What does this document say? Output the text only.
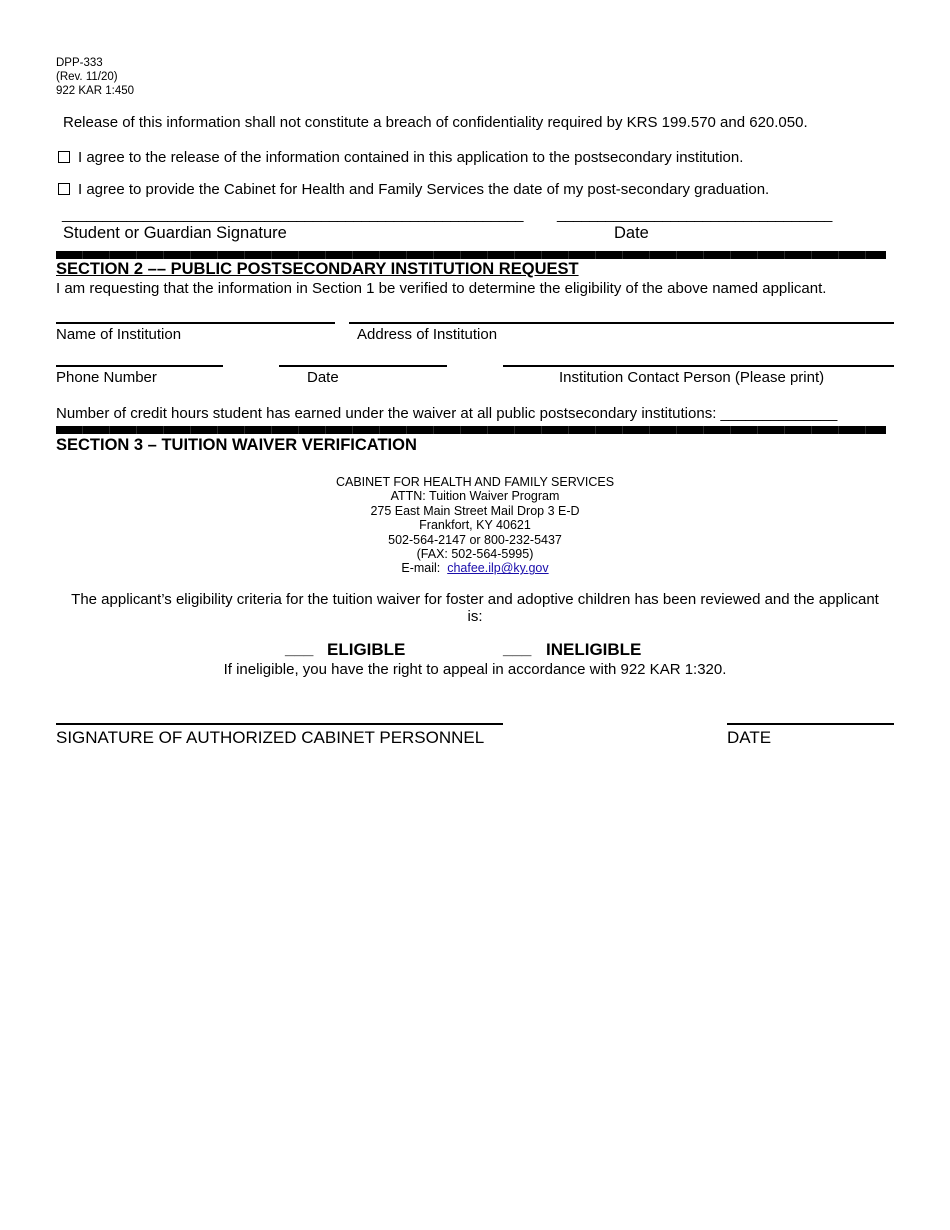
DPP-333
(Rev. 11/20)
922 KAR 1:450
Release of this information shall not constitute a breach of confidentiality required by KRS 199.570 and 620.050.
I agree to the release of the information contained in this application to the postsecondary institution.
I agree to provide the Cabinet for Health and Family Services the date of my post-secondary graduation.
_________________________________________________________ __________________________________
Student or Guardian Signature	Date
SECTION 2 –– PUBLIC POSTSECONDARY INSTITUTION REQUEST
I am requesting that the information in Section 1 be verified to determine the eligibility of the above named applicant.
Name of Institution	Address of Institution
Phone Number	Date	Institution Contact Person (Please print)
Number of credit hours student has earned under the waiver at all public postsecondary institutions: ______________
SECTION 3 – TUITION WAIVER VERIFICATION
CABINET FOR HEALTH AND FAMILY SERVICES
ATTN: Tuition Waiver Program
275 East Main Street Mail Drop 3 E-D
Frankfort, KY 40621
502-564-2147 or 800-232-5437
(FAX: 502-564-5995)
E-mail: chafee.ilp@ky.gov
The applicant’s eligibility criteria for the tuition waiver for foster and adoptive children has been reviewed and the applicant
is:
___ ELIGIBLE	___ INELIGIBLE
If ineligible, you have the right to appeal in accordance with 922 KAR 1:320.
SIGNATURE OF AUTHORIZED CABINET PERSONNEL	DATE
